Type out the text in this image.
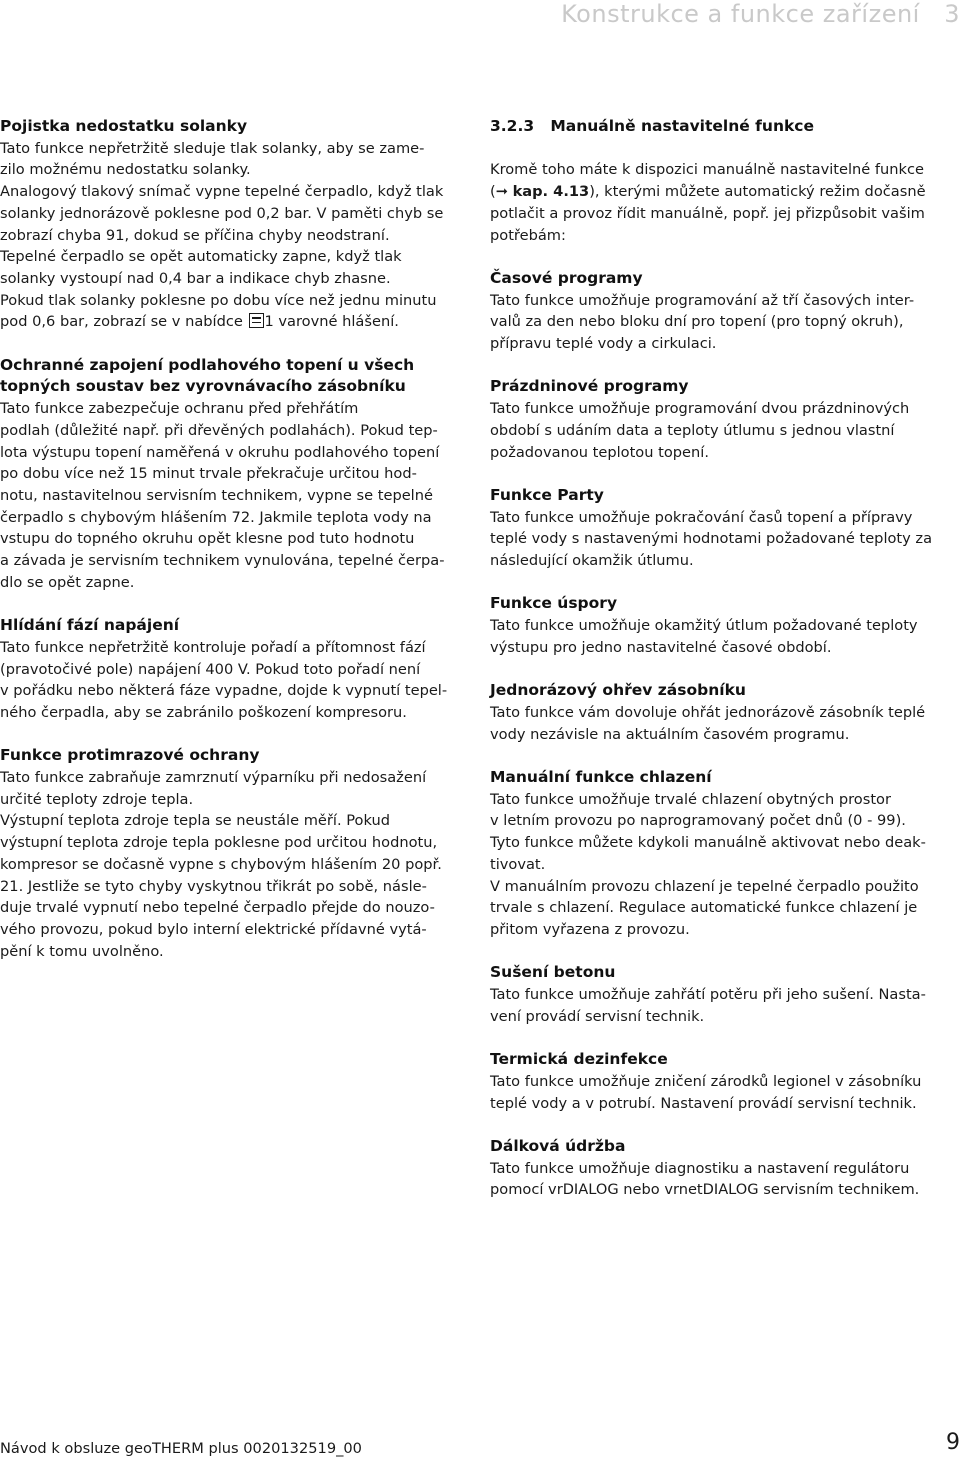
Konstrukce a funkce zařízení   3
Pojistka nedostatku solanky

Tato funkce nepřetržitě sleduje tlak solanky, aby se zame-
zilo možnému nedostatku solanky.
Analogový tlakový snímač vypne tepelné čerpadlo, když tlak
solanky jednorázově poklesne pod 0,2 bar. V paměti chyb se
zobrazí chyba 91, dokud se příčina chyby neodstraní.
Tepelné čerpadlo se opět automaticky zapne, když tlak
solanky vystoupí nad 0,4 bar a indikace chyb zhasne.
Pokud tlak solanky poklesne po dobu více než jednu minutu
pod 0,6 bar, zobrazí se v nabídce 1 varovné hlášení.

Ochranné zapojení podlahového topení u všech
topných soustav bez vyrovnávacího zásobníku

Tato funkce zabezpečuje ochranu před přehřátím
podlah (důležité např. při dřevěných podlahách). Pokud tep-
lota výstupu topení naměřená v okruhu podlahového topení
po dobu více než 15 minut trvale překračuje určitou hod-
notu, nastavitelnou servisním technikem, vypne se tepelné
čerpadlo s chybovým hlášením 72. Jakmile teplota vody na
vstupu do topného okruhu opět klesne pod tuto hodnotu
a závada je servisním technikem vynulována, tepelné čerpa-
dlo se opět zapne.

Hlídání fází napájení

Tato funkce nepřetržitě kontroluje pořadí a přítomnost fází
(pravotočivé pole) napájení 400 V. Pokud toto pořadí není
v pořádku nebo některá fáze vypadne, dojde k vypnutí tepel-
ného čerpadla, aby se zabránilo poškození kompresoru.

Funkce protimrazové ochrany

Tato funkce zabraňuje zamrznutí výparníku při nedosažení
určité teploty zdroje tepla.
Výstupní teplota zdroje tepla se neustále měří. Pokud
výstupní teplota zdroje tepla poklesne pod určitou hodnotu,
kompresor se dočasně vypne s chybovým hlášením 20 popř.
21. Jestliže se tyto chyby vyskytnou třikrát po sobě, násle-
duje trvalé vypnutí nebo tepelné čerpadlo přejde do nouzo-
vého provozu, pokud bylo interní elektrické přídavné vytá-
pění k tomu uvolněno.

3.2.3   Manuálně nastavitelné funkce

Kromě toho máte k dispozici manuálně nastavitelné funkce
(➞ kap. 4.13), kterými můžete automatický režim dočasně
potlačit a provoz řídit manuálně, popř. jej přizpůsobit vašim
potřebám:

Časové programy

Tato funkce umožňuje programování až tří časových inter-
valů za den nebo bloku dní pro topení (pro topný okruh),
přípravu teplé vody a cirkulaci.

Prázdninové programy

Tato funkce umožňuje programování dvou prázdninových
období s udáním data a teploty útlumu s jednou vlastní
požadovanou teplotou topení.

Funkce Party

Tato funkce umožňuje pokračování časů topení a přípravy
teplé vody s nastavenými hodnotami požadované teploty za
následující okamžik útlumu.

Funkce úspory

Tato funkce umožňuje okamžitý útlum požadované teploty
výstupu pro jedno nastavitelné časové období.

Jednorázový ohřev zásobníku

Tato funkce vám dovoluje ohřát jednorázově zásobník teplé
vody nezávisle na aktuálním časovém programu.

Manuální funkce chlazení

Tato funkce umožňuje trvalé chlazení obytných prostor
v letním provozu po naprogramovaný počet dnů (0 - 99).
Tyto funkce můžete kdykoli manuálně aktivovat nebo deak-
tivovat.
V manuálním provozu chlazení je tepelné čerpadlo použito
trvale s chlazení. Regulace automatické funkce chlazení je
přitom vyřazena z provozu.

Sušení betonu

Tato funkce umožňuje zahřátí potěru při jeho sušení. Nasta-
vení provádí servisní technik.

Termická dezinfekce

Tato funkce umožňuje zničení zárodků legionel v zásobníku
teplé vody a v potrubí. Nastavení provádí servisní technik.

Dálková údržba

Tato funkce umožňuje diagnostiku a nastavení regulátoru
pomocí vrDIALOG nebo vrnetDIALOG servisním technikem.

Návod k obsluze geoTHERM plus 0020132519_00	9
